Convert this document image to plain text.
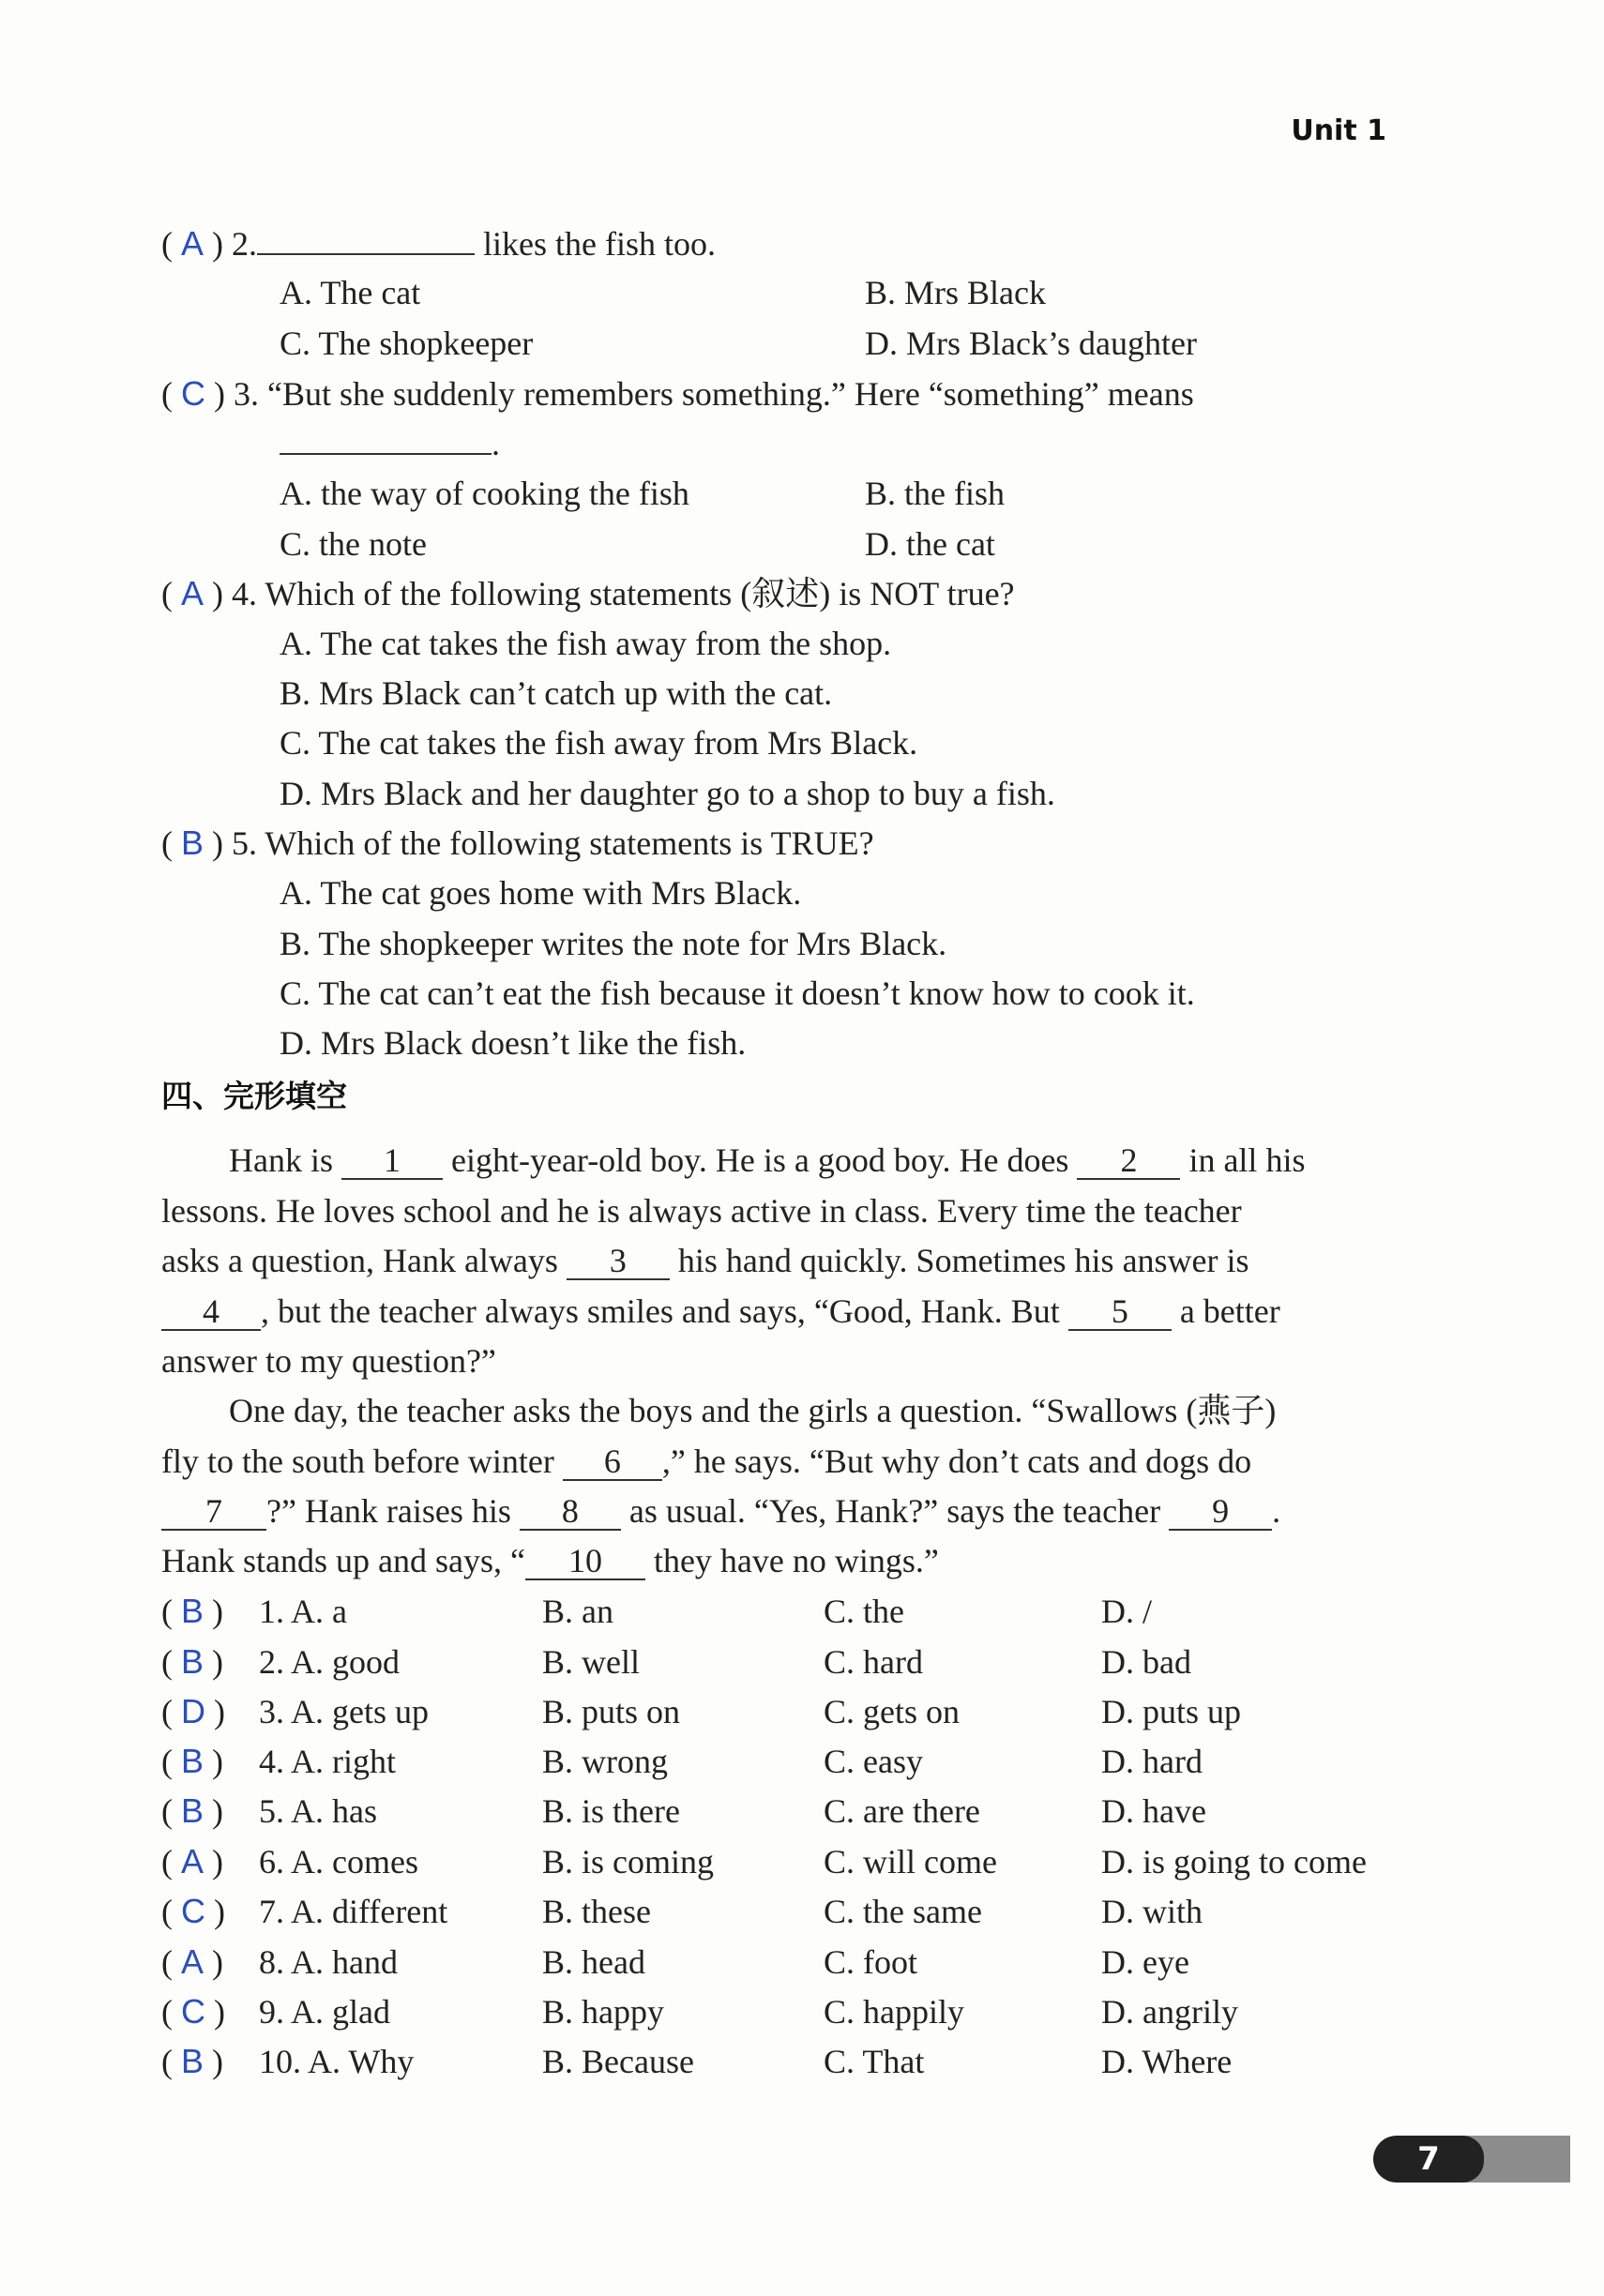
Unit 1
( A ) 2.	likes the fish too.
A. The cat	B. Mrs Black
C. The shopkeeper	D. Mrs Black’s daughter
( C ) 3. “But she suddenly remembers something.” Here “something” means
.
A. the way of cooking the fish	B. the fish
C. the note	D. the cat
( A ) 4. Which of the following statements (叙述) is NOT true?
A. The cat takes the fish away from the shop.
B. Mrs Black can’t catch up with the cat.
C. The cat takes the fish away from Mrs Black.
D. Mrs Black and her daughter go to a shop to buy a fish.
( B ) 5. Which of the following statements is TRUE?
A. The cat goes home with Mrs Black.
B. The shopkeeper writes the note for Mrs Black.
C. The cat can’t eat the fish because it doesn’t know how to cook it.
D. Mrs Black doesn’t like the fish.
四、完形填空
Hank is 1 eight-year-old boy. He is a good boy. He does 2 in all his
lessons. He loves school and he is always active in class. Every time the teacher
asks a question, Hank always 3 his hand quickly. Sometimes his answer is
4 , but the teacher always smiles and says, “Good, Hank. But 5 a better
answer to my question?”
One day, the teacher asks the boys and the girls a question. “Swallows (燕子)
fly to the south before winter 6 ,” he says. “But why don’t cats and dogs do
7 ?” Hank raises his 8 as usual. “Yes, Hank?” says the teacher 9 .
Hank stands up and says, “ 10 they have no wings.”
( B ) 1. A. a	B. an	C. the	D. /
( B ) 2. A. good	B. well	C. hard	D. bad
( D ) 3. A. gets up	B. puts on	C. gets on	D. puts up
( B ) 4. A. right	B. wrong	C. easy	D. hard
( B ) 5. A. has	B. is there	C. are there	D. have
( A ) 6. A. comes	B. is coming	C. will come	D. is going to come
( C ) 7. A. different	B. these	C. the same	D. with
( A ) 8. A. hand	B. head	C. foot	D. eye
( C ) 9. A. glad	B. happy	C. happily	D. angrily
( B ) 10. A. Why	B. Because	C. That	D. Where
7
